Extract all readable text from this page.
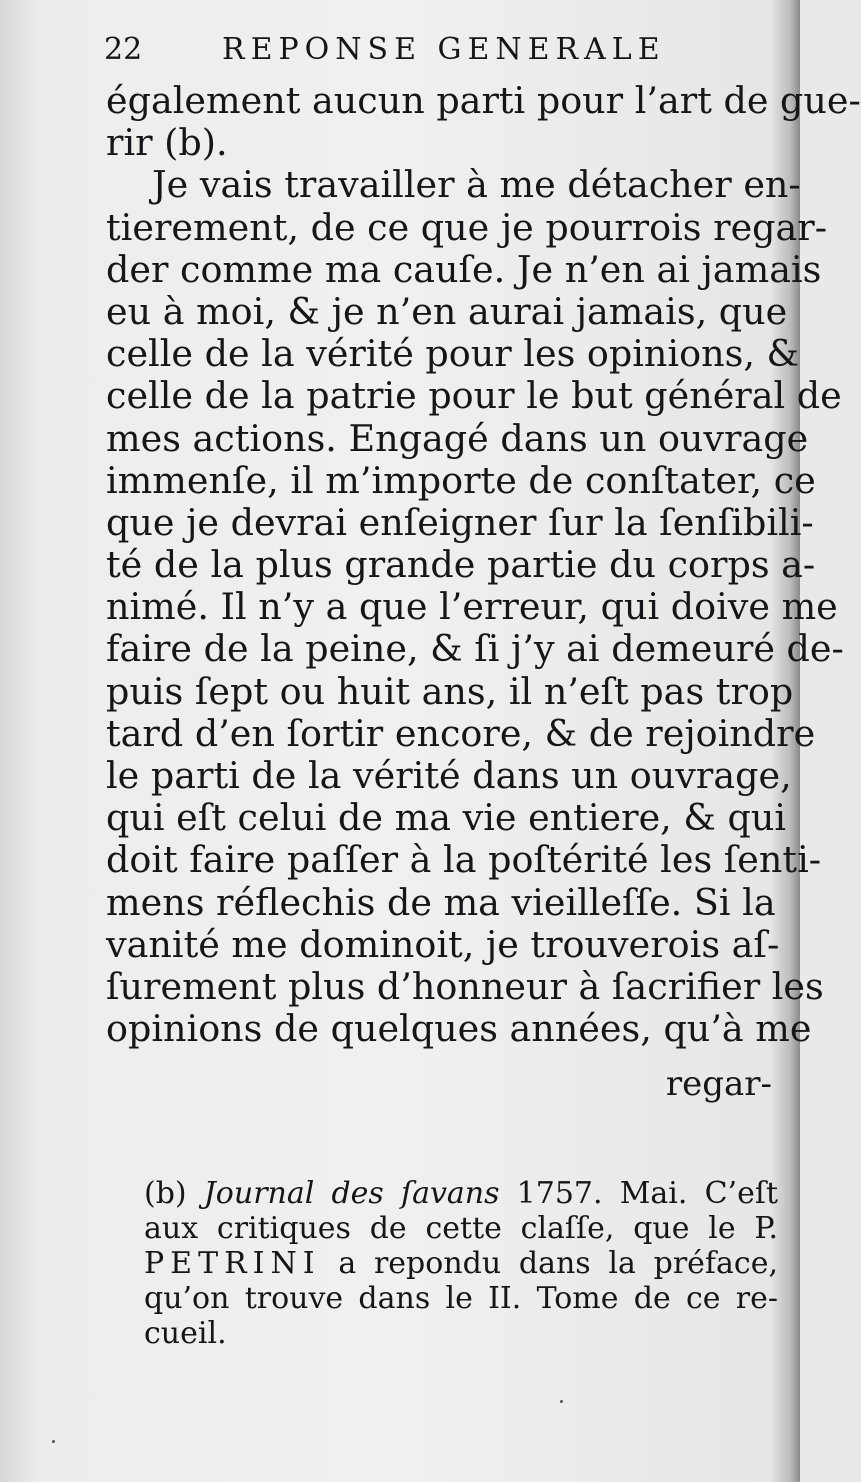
22	REPONSE GENERALE
également aucun parti pour l’art de gue-
rir (b).
Je vais travailler à me détacher en-
tierement, de ce que je pourrois regar-
der comme ma cauſe. Je n’en ai jamais
eu à moi, & je n’en aurai jamais, que
celle de la vérité pour les opinions, &
celle de la patrie pour le but général de
mes actions. Engagé dans un ouvrage
immenſe, il m’importe de conſtater, ce
que je devrai enſeigner ſur la ſenſibili-
té de la plus grande partie du corps a-
nimé. Il n’y a que l’erreur, qui doive me
faire de la peine, & ſi j’y ai demeuré de-
puis ſept ou huit ans, il n’eſt pas trop
tard d’en ſortir encore, & de rejoindre
le parti de la vérité dans un ouvrage,
qui eſt celui de ma vie entiere, & qui
doit faire paſſer à la poſtérité les ſenti-
mens réflechis de ma vieilleſſe. Si la
vanité me dominoit, je trouverois aſ-
ſurement plus d’honneur à ſacrifier les
opinions de quelques années, qu’à me
regar-
(b) Journal des ſavans 1757. Mai. C’eſt
aux critiques de cette claſſe, que le P.
PETRINI a repondu dans la préface,
qu’on trouve dans le II. Tome de ce re-
cueil.
